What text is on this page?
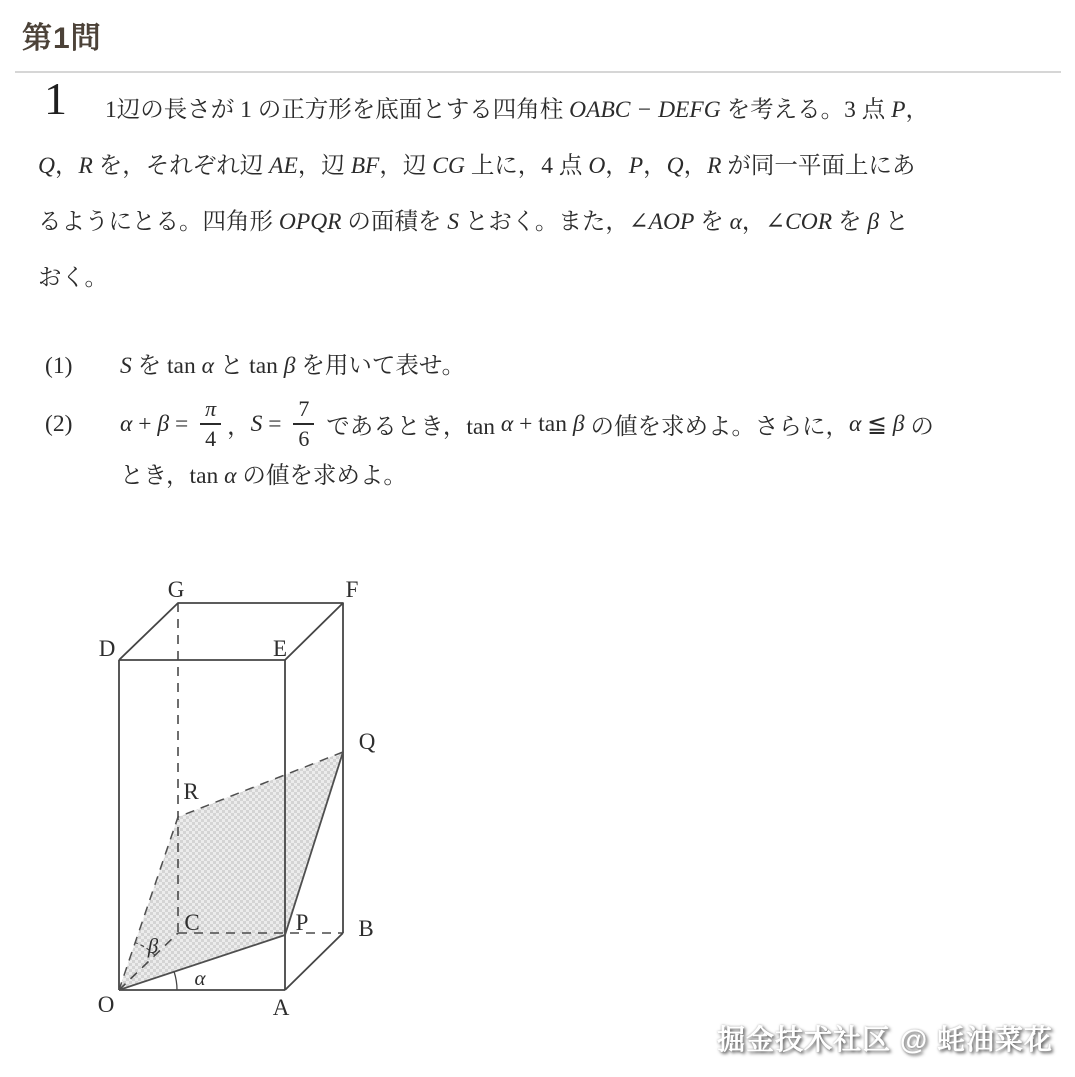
第1問
1	1辺の長さが 1 の正方形を底面とする四角柱 OABC − DEFG を考える。3 点 P，
Q，R を，それぞれ辺 AE，辺 BF，辺 CG 上に，4 点 O，P，Q，R が同一平面上にあ
るようにとる。四角形 OPQR の面積を S とおく。また，∠AOP を α，∠COR を β と
おく。
(1) S を tan α と tan β を用いて表せ。
(2)	$\alpha + \beta = \frac{\pi}{4}$ ， $S = \frac{7}{6}$ であるとき，tan α + tan β の値を求めよ。さらに， α ≦ β の
とき，tan α の値を求めよ。
G	F
D	E
Q
R
C	P B
O	A
α
β
掘金技术社区 @ 蚝油菜花
